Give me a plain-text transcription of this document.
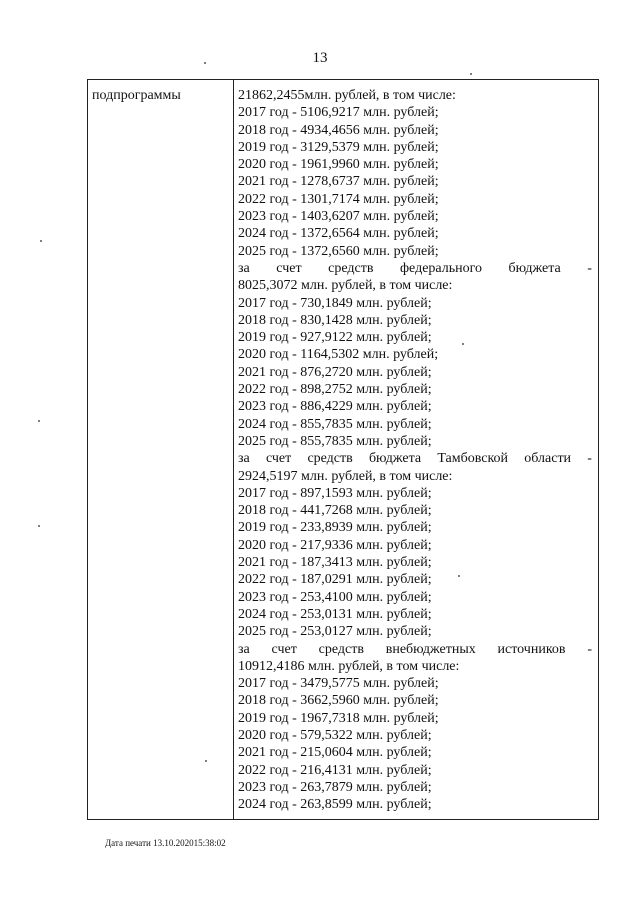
13
подпрограммы	21862,2455млн. рублей, в том числе:
2017 год - 5106,9217 млн. рублей;
2018 год - 4934,4656 млн. рублей;
2019 год - 3129,5379 млн. рублей;
2020 год - 1961,9960 млн. рублей;
2021 год - 1278,6737 млн. рублей;
2022 год - 1301,7174 млн. рублей;
2023 год - 1403,6207 млн. рублей;
2024 год - 1372,6564 млн. рублей;
2025 год - 1372,6560 млн. рублей;
за счет средств федерального бюджета -
8025,3072 млн. рублей, в том числе:
2017 год - 730,1849 млн. рублей;
2018 год - 830,1428 млн. рублей;
2019 год - 927,9122 млн. рублей;
2020 год - 1164,5302 млн. рублей;
2021 год - 876,2720 млн. рублей;
2022 год - 898,2752 млн. рублей;
2023 год - 886,4229 млн. рублей;
2024 год - 855,7835 млн. рублей;
2025 год - 855,7835 млн. рублей;
за счет средств бюджета Тамбовской области -
2924,5197 млн. рублей, в том числе:
2017 год - 897,1593 млн. рублей;
2018 год - 441,7268 млн. рублей;
2019 год - 233,8939 млн. рублей;
2020 год - 217,9336 млн. рублей;
2021 год - 187,3413 млн. рублей;
2022 год - 187,0291 млн. рублей;
2023 год - 253,4100 млн. рублей;
2024 год - 253,0131 млн. рублей;
2025 год - 253,0127 млн. рублей;
за счет средств внебюджетных источников -
10912,4186 млн. рублей, в том числе:
2017 год - 3479,5775 млн. рублей;
2018 год - 3662,5960 млн. рублей;
2019 год - 1967,7318 млн. рублей;
2020 год - 579,5322 млн. рублей;
2021 год - 215,0604 млн. рублей;
2022 год - 216,4131 млн. рублей;
2023 год - 263,7879 млн. рублей;
2024 год - 263,8599 млн. рублей;
Дата печати 13.10.202015:38:02
